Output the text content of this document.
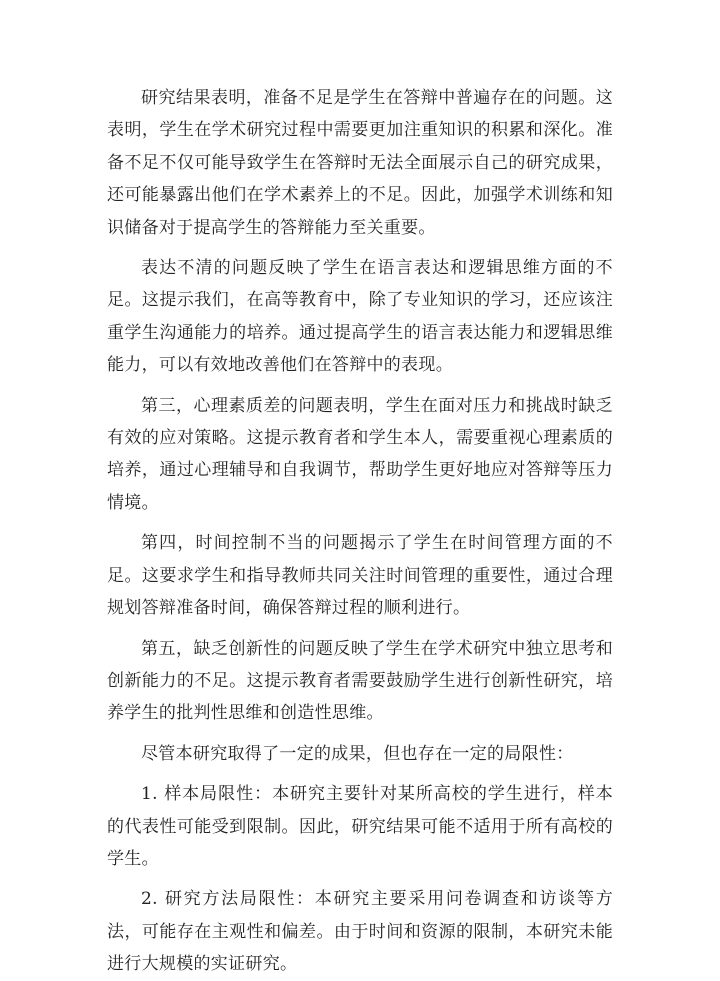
研究结果表明，准备不足是学生在答辩中普遍存在的问题。这表明，学生在学术研究过程中需要更加注重知识的积累和深化。准备不足不仅可能导致学生在答辩时无法全面展示自己的研究成果，还可能暴露出他们在学术素养上的不足。因此，加强学术训练和知识储备对于提高学生的答辩能力至关重要。

表达不清的问题反映了学生在语言表达和逻辑思维方面的不足。这提示我们，在高等教育中，除了专业知识的学习，还应该注重学生沟通能力的培养。通过提高学生的语言表达能力和逻辑思维能力，可以有效地改善他们在答辩中的表现。

第三，心理素质差的问题表明，学生在面对压力和挑战时缺乏有效的应对策略。这提示教育者和学生本人，需要重视心理素质的培养，通过心理辅导和自我调节，帮助学生更好地应对答辩等压力情境。

第四，时间控制不当的问题揭示了学生在时间管理方面的不足。这要求学生和指导教师共同关注时间管理的重要性，通过合理规划答辩准备时间，确保答辩过程的顺利进行。

第五，缺乏创新性的问题反映了学生在学术研究中独立思考和创新能力的不足。这提示教育者需要鼓励学生进行创新性研究，培养学生的批判性思维和创造性思维。

尽管本研究取得了一定的成果，但也存在一定的局限性：

1. 样本局限性：本研究主要针对某所高校的学生进行，样本的代表性可能受到限制。因此，研究结果可能不适用于所有高校的学生。

2. 研究方法局限性：本研究主要采用问卷调查和访谈等方法，可能存在主观性和偏差。由于时间和资源的限制，本研究未能进行大规模的实证研究。
